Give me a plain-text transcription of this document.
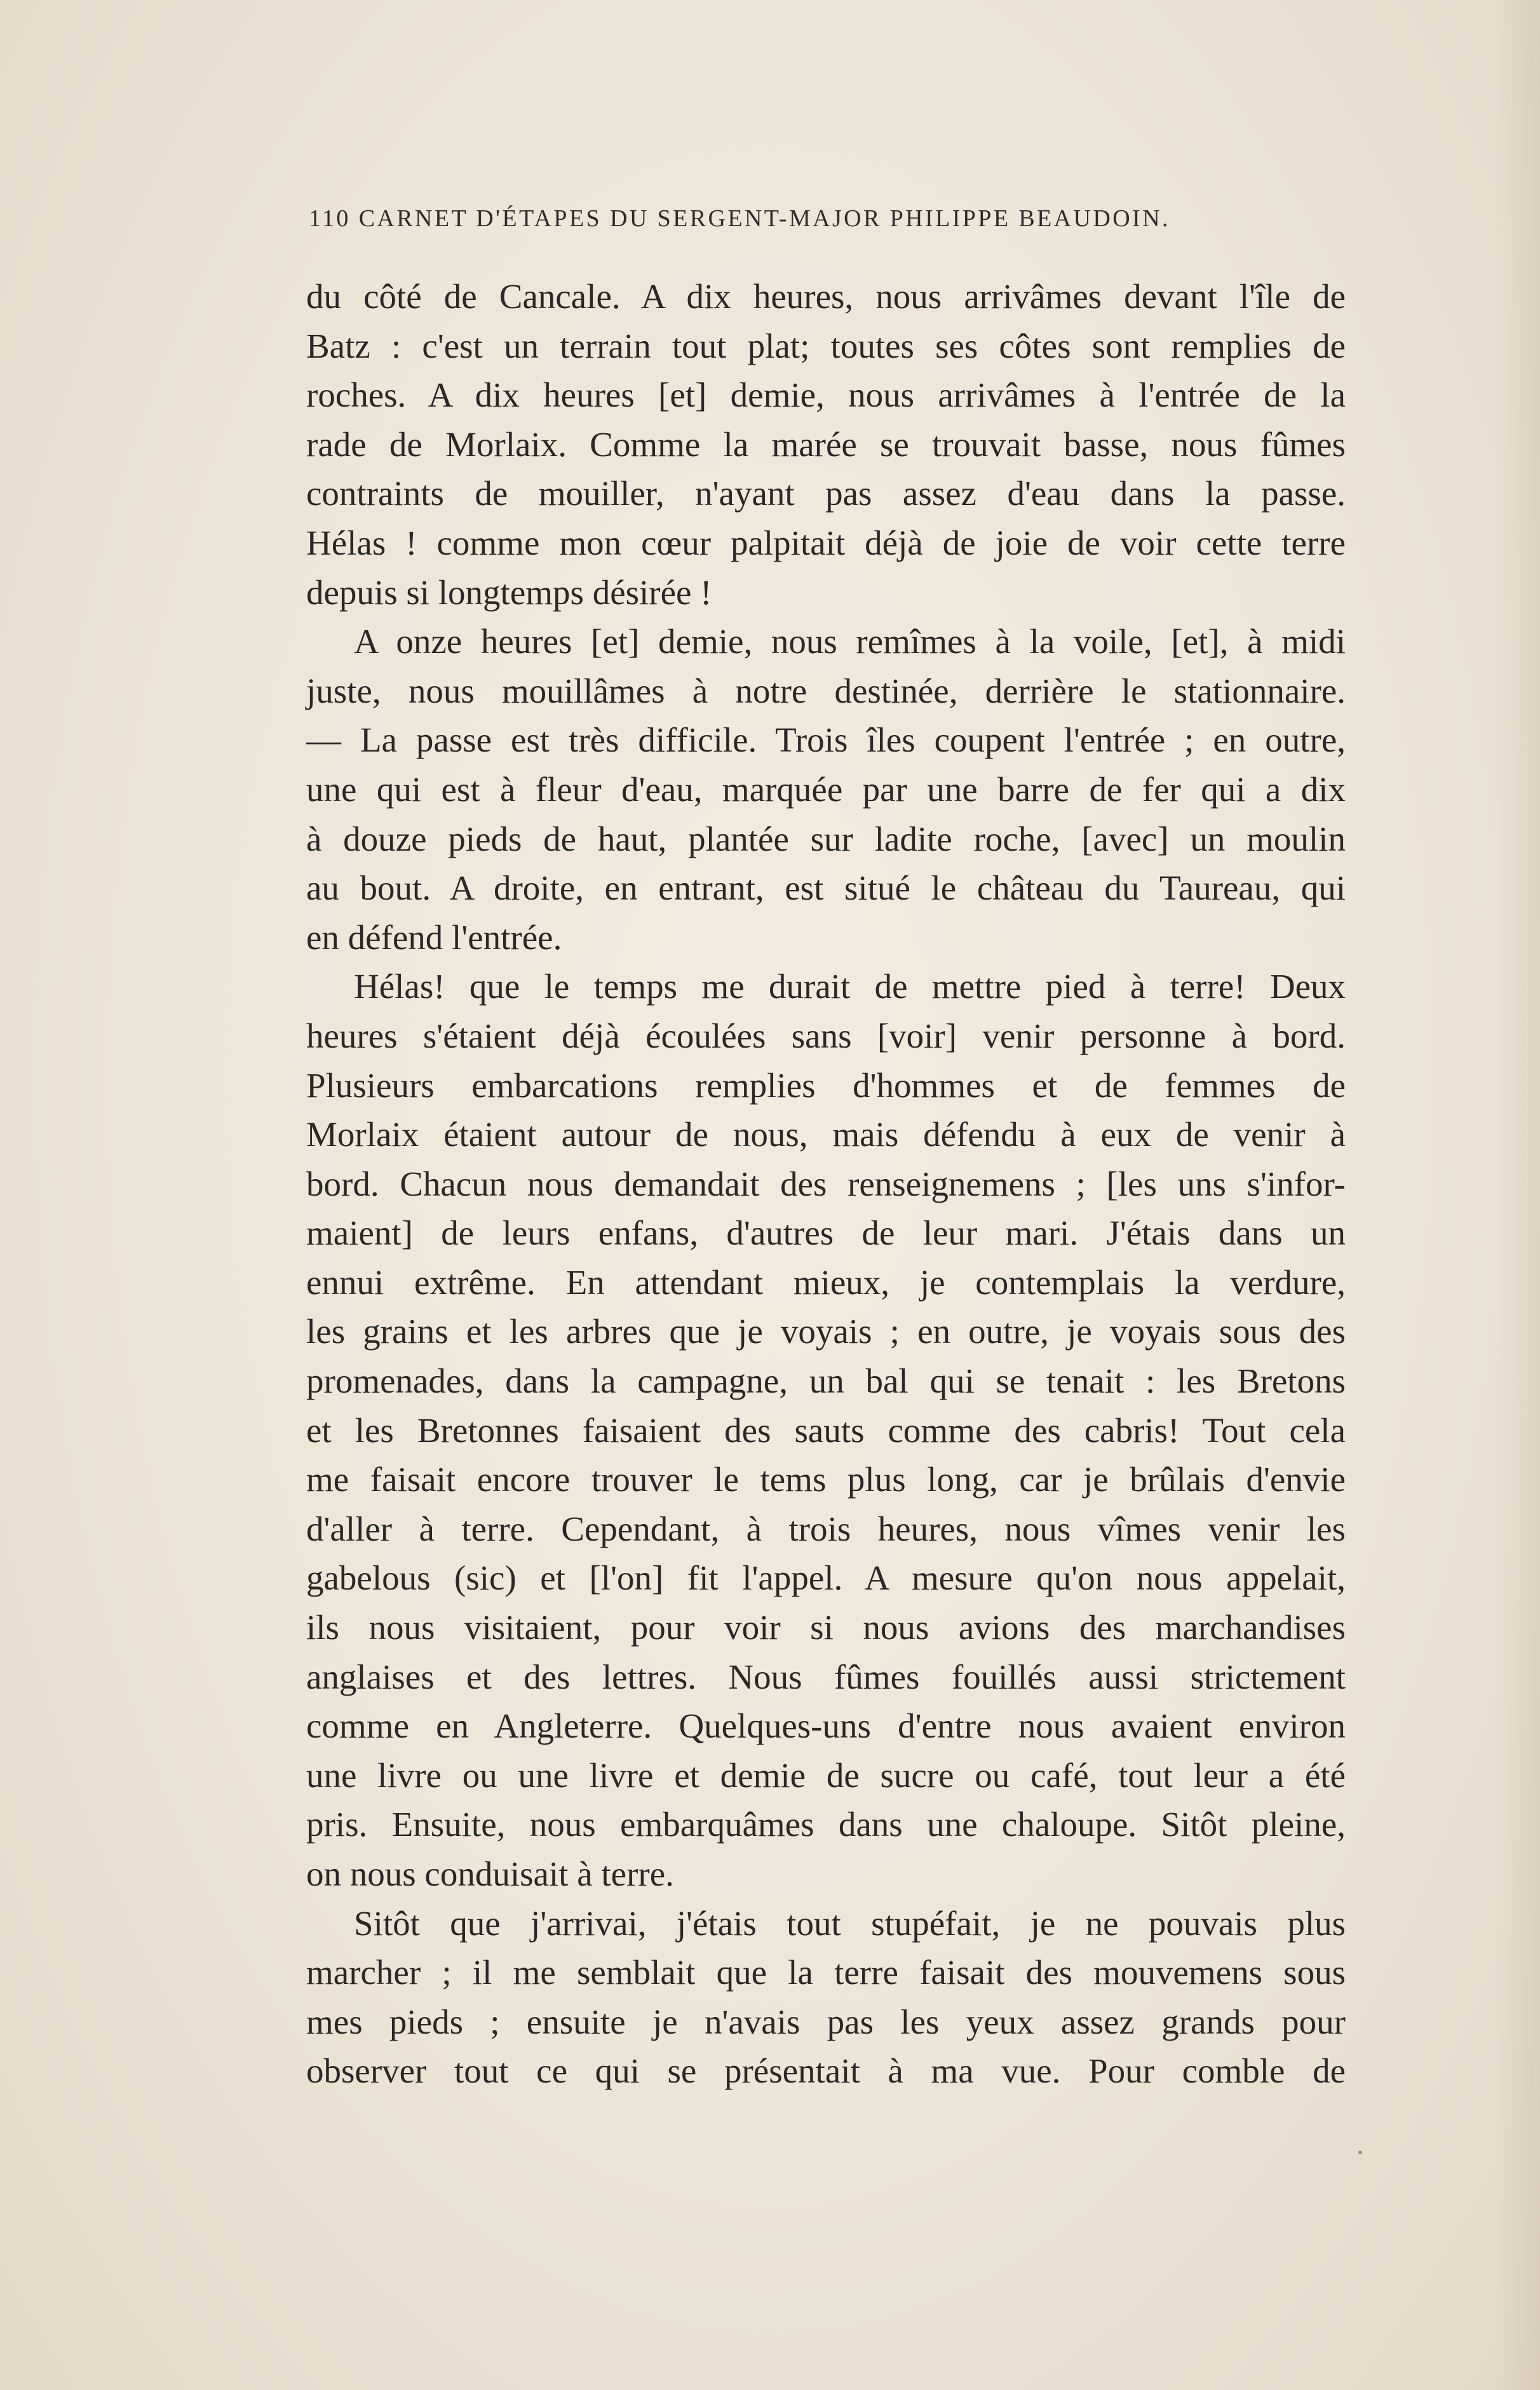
110 CARNET D'ÉTAPES DU SERGENT-MAJOR PHILIPPE BEAUDOIN.
du côté de Cancale. A dix heures, nous arrivâmes devant l'île de
Batz : c'est un terrain tout plat; toutes ses côtes sont remplies de
roches. A dix heures [et] demie, nous arrivâmes à l'entrée de la
rade de Morlaix. Comme la marée se trouvait basse, nous fûmes
contraints de mouiller, n'ayant pas assez d'eau dans la passe.
Hélas ! comme mon cœur palpitait déjà de joie de voir cette terre
depuis si longtemps désirée !
A onze heures [et] demie, nous remîmes à la voile, [et], à midi
juste, nous mouillâmes à notre destinée, derrière le stationnaire.
— La passe est très difficile. Trois îles coupent l'entrée ; en outre,
une qui est à fleur d'eau, marquée par une barre de fer qui a dix
à douze pieds de haut, plantée sur ladite roche, [avec] un moulin
au bout. A droite, en entrant, est situé le château du Taureau, qui
en défend l'entrée.
Hélas! que le temps me durait de mettre pied à terre! Deux
heures s'étaient déjà écoulées sans [voir] venir personne à bord.
Plusieurs embarcations remplies d'hommes et de femmes de
Morlaix étaient autour de nous, mais défendu à eux de venir à
bord. Chacun nous demandait des renseignemens ; [les uns s'infor-
maient] de leurs enfans, d'autres de leur mari. J'étais dans un
ennui extrême. En attendant mieux, je contemplais la verdure,
les grains et les arbres que je voyais ; en outre, je voyais sous des
promenades, dans la campagne, un bal qui se tenait : les Bretons
et les Bretonnes faisaient des sauts comme des cabris! Tout cela
me faisait encore trouver le tems plus long, car je brûlais d'envie
d'aller à terre. Cependant, à trois heures, nous vîmes venir les
gabelous (sic) et [l'on] fit l'appel. A mesure qu'on nous appelait,
ils nous visitaient, pour voir si nous avions des marchandises
anglaises et des lettres. Nous fûmes fouillés aussi strictement
comme en Angleterre. Quelques-uns d'entre nous avaient environ
une livre ou une livre et demie de sucre ou café, tout leur a été
pris. Ensuite, nous embarquâmes dans une chaloupe. Sitôt pleine,
on nous conduisait à terre.
Sitôt que j'arrivai, j'étais tout stupéfait, je ne pouvais plus
marcher ; il me semblait que la terre faisait des mouvemens sous
mes pieds ; ensuite je n'avais pas les yeux assez grands pour
observer tout ce qui se présentait à ma vue. Pour comble de
